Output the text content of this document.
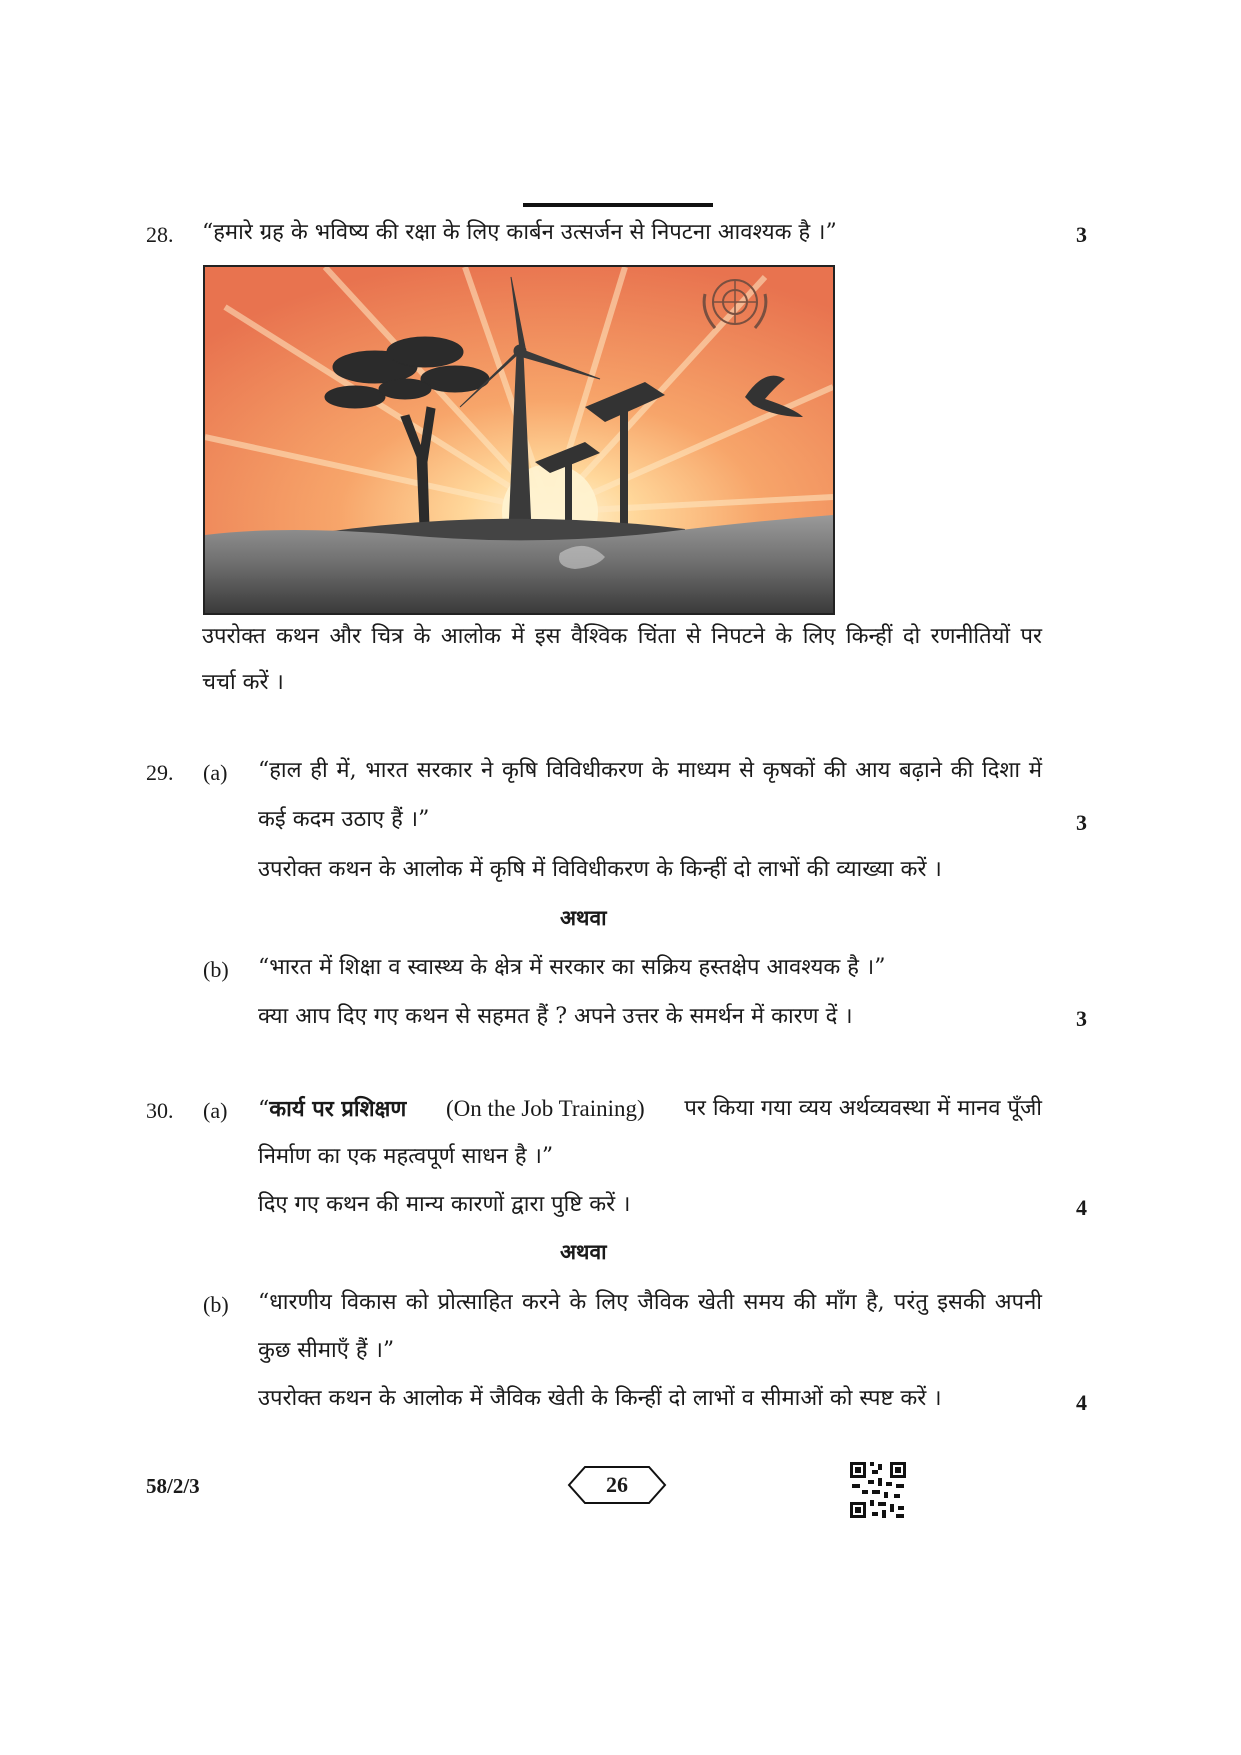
28. “हमारे ग्रह के भविष्य की रक्षा के लिए कार्बन उत्सर्जन से निपटना आवश्यक है ।”	3
उपरोक्त कथन और चित्र के आलोक में इस वैश्विक चिंता से निपटने के लिए किन्हीं दो रणनीतियों पर
चर्चा करें ।
29. (a) “हाल ही में, भारत सरकार ने कृषि विविधीकरण के माध्यम से कृषकों की आय बढ़ाने की दिशा में
कई कदम उठाए हैं ।”	3
उपरोक्त कथन के आलोक में कृषि में विविधीकरण के किन्हीं दो लाभों की व्याख्या करें ।
अथवा
(b) “भारत में शिक्षा व स्वास्थ्य के क्षेत्र में सरकार का सक्रिय हस्तक्षेप आवश्यक है ।”
क्या आप दिए गए कथन से सहमत हैं ? अपने उत्तर के समर्थन में कारण दें ।	3
30. (a) “कार्य पर प्रशिक्षण (On the Job Training) पर किया गया व्यय अर्थव्यवस्था में मानव पूँजी
निर्माण का एक महत्वपूर्ण साधन है ।”
दिए गए कथन की मान्य कारणों द्वारा पुष्टि करें ।	4
अथवा
(b) “धारणीय विकास को प्रोत्साहित करने के लिए जैविक खेती समय की माँग है, परंतु इसकी अपनी
कुछ सीमाएँ हैं ।”
उपरोक्त कथन के आलोक में जैविक खेती के किन्हीं दो लाभों व सीमाओं को स्पष्ट करें ।	4
58/2/3	26
